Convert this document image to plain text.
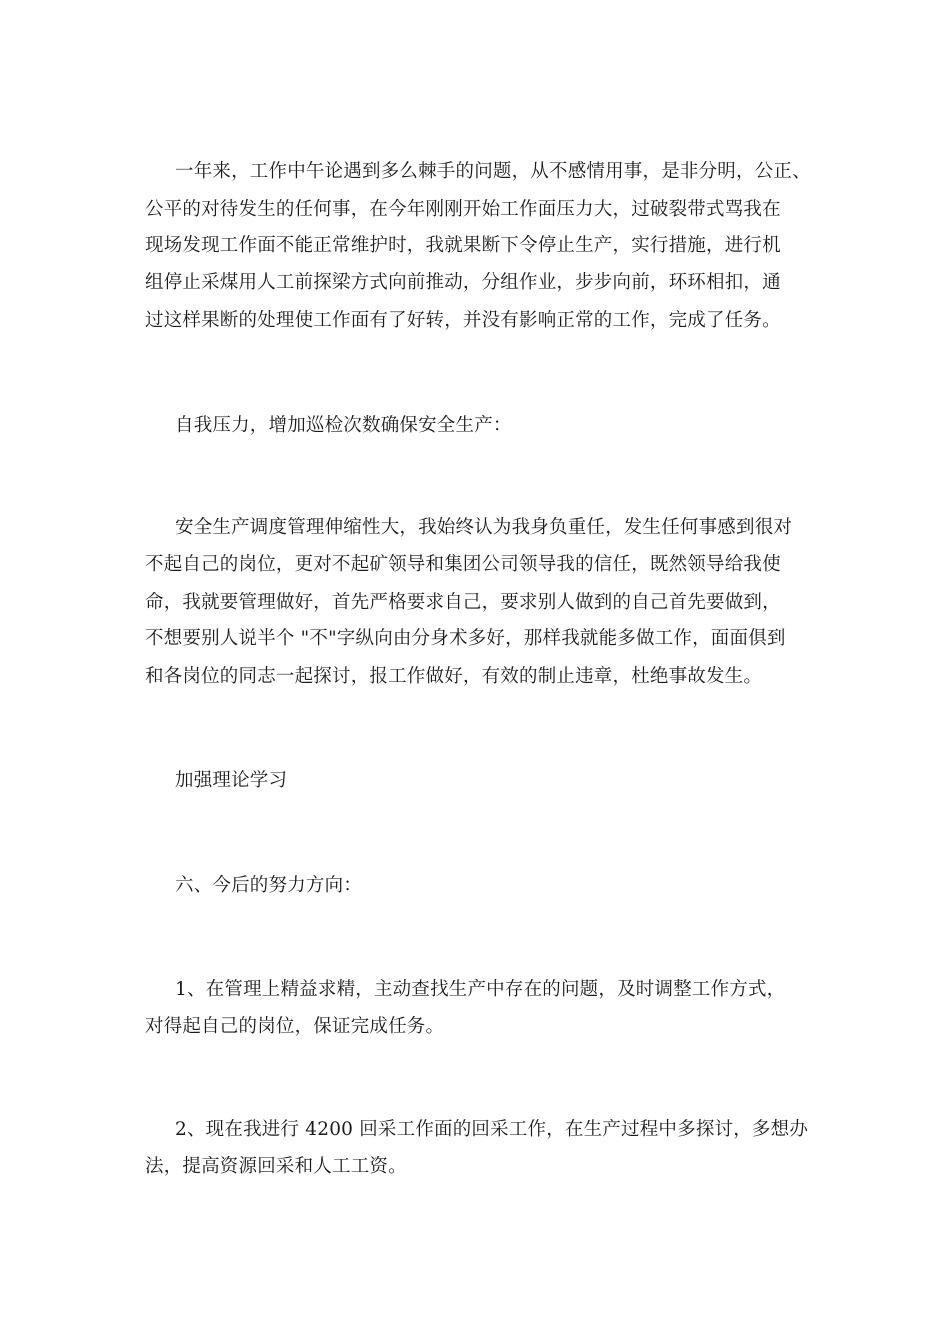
一年来，工作中午论遇到多么棘手的问题，从不感情用事，是非分明，公正、
公平的对待发生的任何事，在今年刚刚开始工作面压力大，过破裂带式骂我在
现场发现工作面不能正常维护时，我就果断下令停止生产，实行措施，进行机
组停止采煤用人工前探梁方式向前推动，分组作业，步步向前，环环相扣，通
过这样果断的处理使工作面有了好转，并没有影响正常的工作，完成了任务。
自我压力，增加巡检次数确保安全生产：
安全生产调度管理伸缩性大，我始终认为我身负重任，发生任何事感到很对
不起自己的岗位，更对不起矿领导和集团公司领导我的信任，既然领导给我使
命，我就要管理做好，首先严格要求自己，要求别人做到的自己首先要做到，
不想要别人说半个 "不"字纵向由分身术多好，那样我就能多做工作，面面俱到
和各岗位的同志一起探讨，报工作做好，有效的制止违章，杜绝事故发生。
加强理论学习
六、今后的努力方向：
1、在管理上精益求精，主动查找生产中存在的问题，及时调整工作方式，
对得起自己的岗位，保证完成任务。
2、现在我进行 4200 回采工作面的回采工作，在生产过程中多探讨，多想办
法，提高资源回采和人工工资。
